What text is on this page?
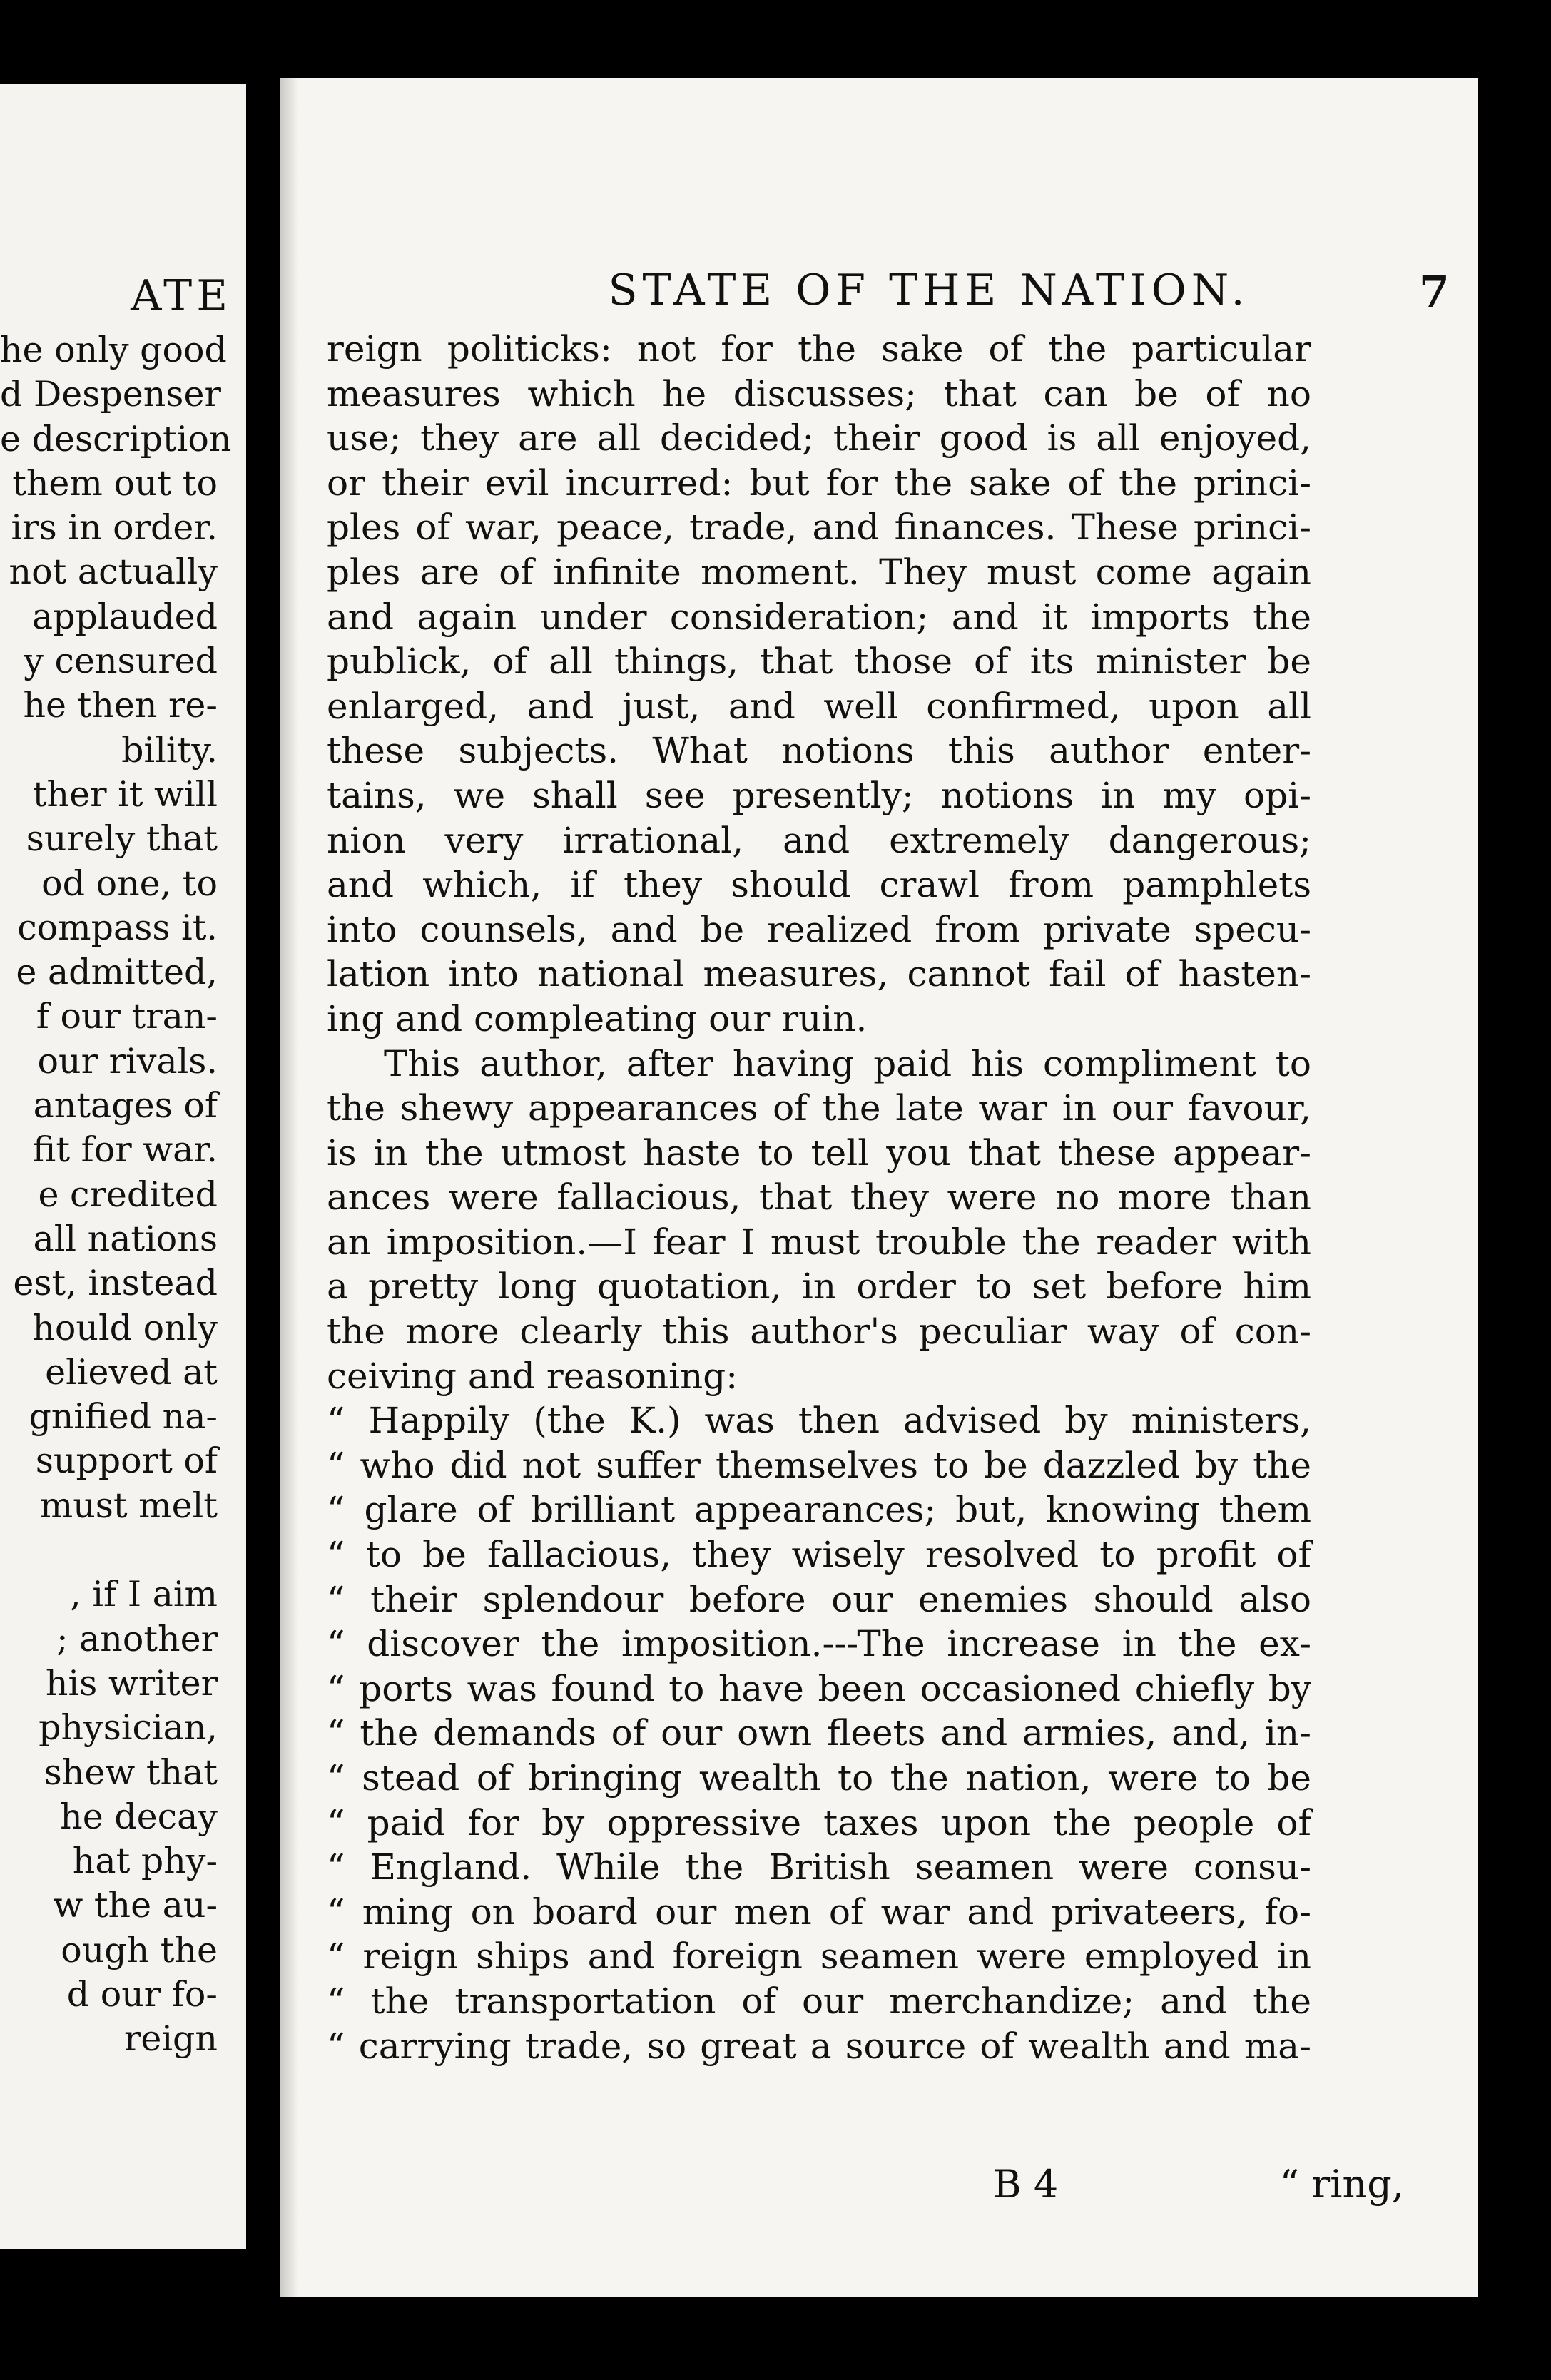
ATE
he only good
d Despenser
e description
them out to
irs in order.
not actually
applauded
y censured
he then re-
bility.
ther it will
surely that
od one, to
compass it.
e admitted,
f our tran-
our rivals.
antages of
fit for war.
e credited
all nations
est, instead
hould only
elieved at
gnified na-
support of
must melt
, if I aim
; another
his writer
physician,
shew that
he decay
hat phy-
w the au-
ough the
d our fo-
reign
STATE OF THE NATION.	7
reign politicks: not for the sake of the particular
measures which he discusses; that can be of no
use; they are all decided; their good is all enjoyed,
or their evil incurred: but for the sake of the princi-
ples of war, peace, trade, and finances. These princi-
ples are of infinite moment. They must come again
and again under consideration; and it imports the
publick, of all things, that those of its minister be
enlarged, and just, and well confirmed, upon all
these subjects. What notions this author enter-
tains, we shall see presently; notions in my opi-
nion very irrational, and extremely dangerous;
and which, if they should crawl from pamphlets
into counsels, and be realized from private specu-
lation into national measures, cannot fail of hasten-
ing and compleating our ruin.
This author, after having paid his compliment to
the shewy appearances of the late war in our favour,
is in the utmost haste to tell you that these appear-
ances were fallacious, that they were no more than
an imposition.—I fear I must trouble the reader with
a pretty long quotation, in order to set before him
the more clearly this author's peculiar way of con-
ceiving and reasoning:
“ Happily (the K.) was then advised by ministers,
“ who did not suffer themselves to be dazzled by the
“ glare of brilliant appearances; but, knowing them
“ to be fallacious, they wisely resolved to profit of
“ their splendour before our enemies should also
“ discover the imposition.---The increase in the ex-
“ ports was found to have been occasioned chiefly by
“ the demands of our own fleets and armies, and, in-
“ stead of bringing wealth to the nation, were to be
“ paid for by oppressive taxes upon the people of
“ England. While the British seamen were consu-
“ ming on board our men of war and privateers, fo-
“ reign ships and foreign seamen were employed in
“ the transportation of our merchandize; and the
“ carrying trade, so great a source of wealth and ma-
B 4	“ ring,
